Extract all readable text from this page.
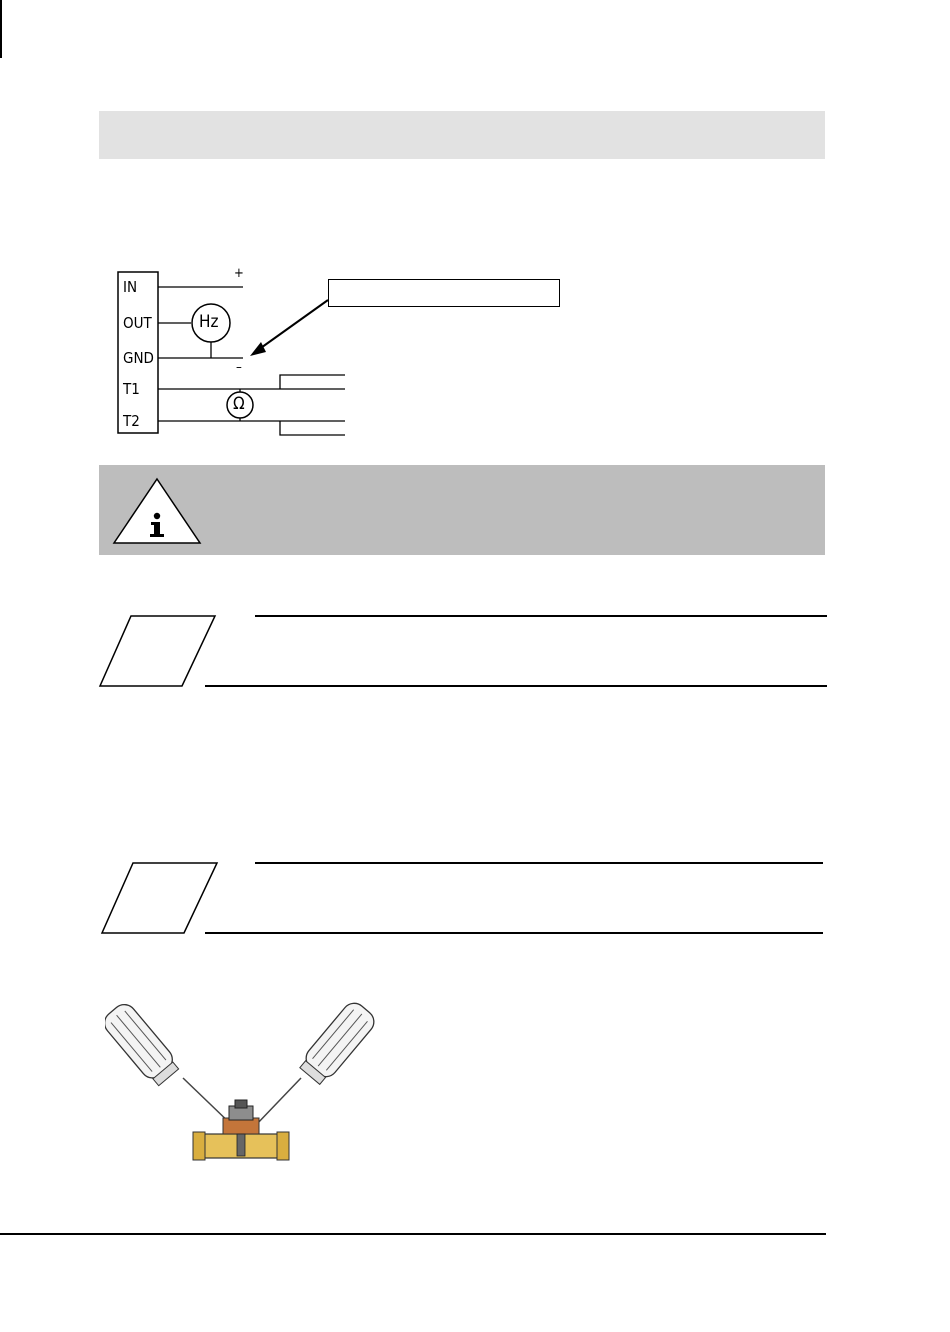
IN
OUT
GND
T1
T2
Hz
Ω
+
–
